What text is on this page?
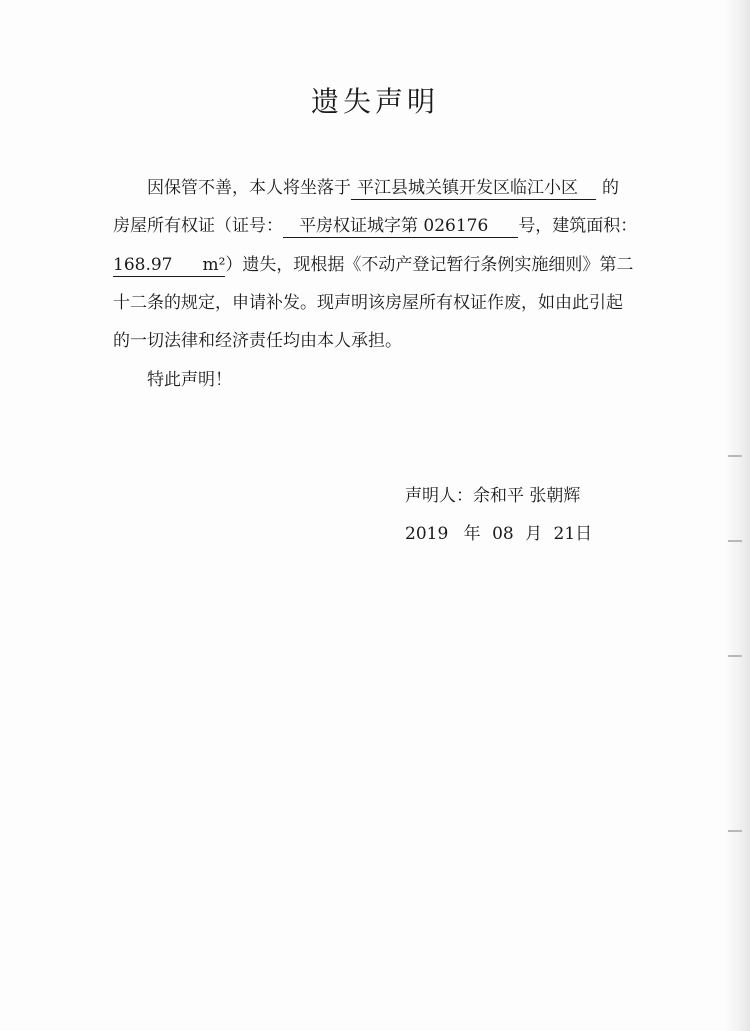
遗失声明
因保管不善，本人将坐落于 平江县城关镇开发区临江小区 的
房屋所有权证（证号： 平房权证城字第 026176 号，建筑面积：
168.97 m²）遗失，现根据《不动产登记暂行条例实施细则》第二
十二条的规定，申请补发。现声明该房屋所有权证作废，如由此引起
的一切法律和经济责任均由本人承担。
特此声明！
声明人：余和平 张朝辉
2019 年 08 月 21日
